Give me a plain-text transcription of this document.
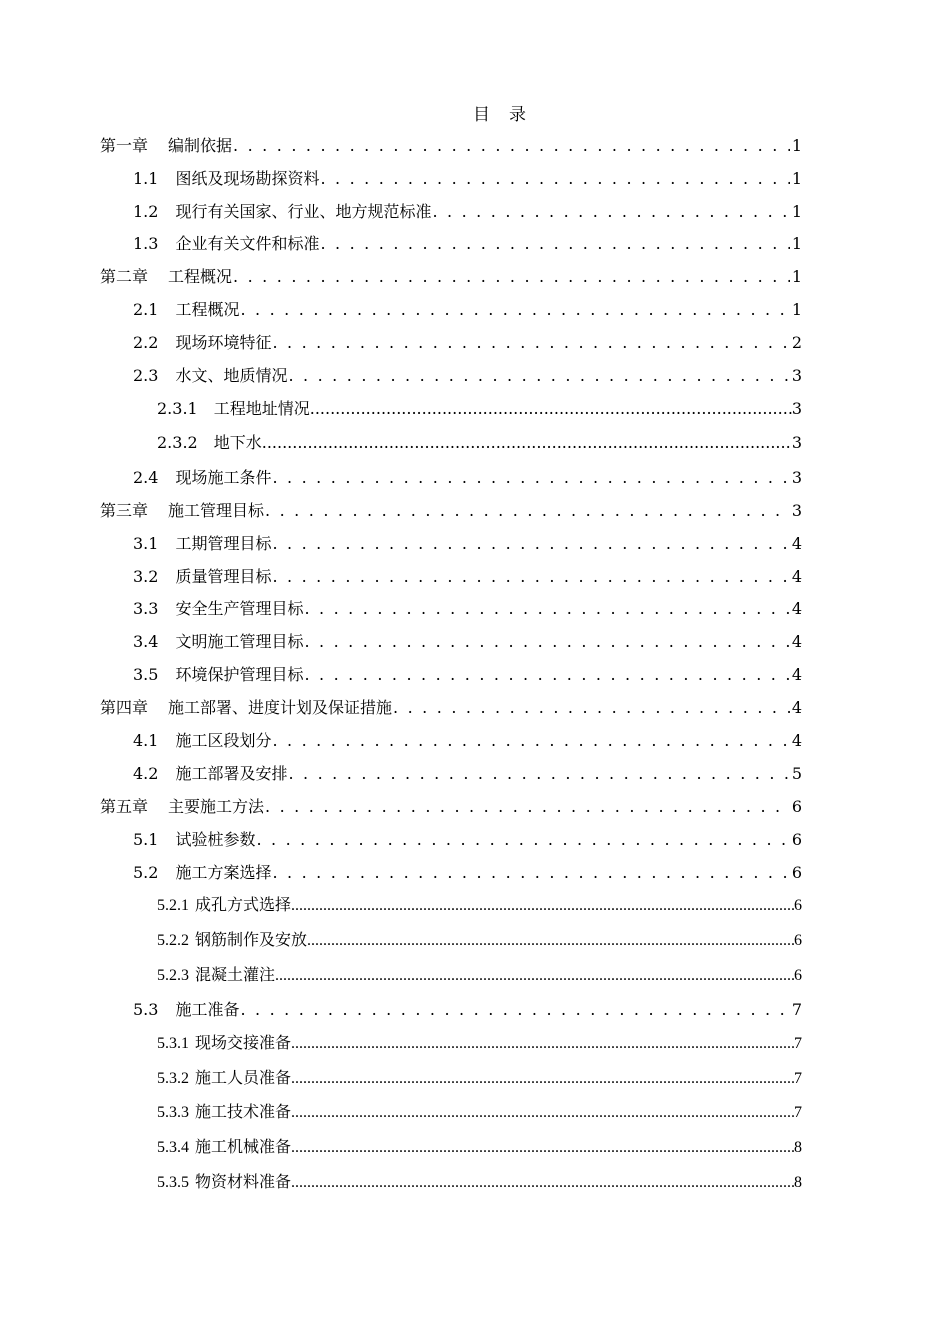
目　录
第一章 编制依据 . . .	1
1.1 图纸及现场勘探资料 . . .	1
1.2 现行有关国家、行业、地方规范标准 . . .	1
1.3 企业有关文件和标准 . . .	1
第二章 工程概况 . . .	1
2.1 工程概况 . . .	1
2.2 现场环境特征 . . .	2
2.3 水文、地质情况 . . .	3
2.3.1 工程地址情况 .....	3
2.3.2 地下水 .....	3
2.4 现场施工条件 . . .	3
第三章 施工管理目标 . . .	3
3.1 工期管理目标 . . .	4
3.2 质量管理目标 . . .	4
3.3 安全生产管理目标 . . .	4
3.4 文明施工管理目标 . . .	4
3.5 环境保护管理目标 . . .	4
第四章 施工部署、进度计划及保证措施 . . .	4
4.1 施工区段划分 . . .	4
4.2 施工部署及安排 . . .	5
第五章 主要施工方法 . . .	6
5.1 试验桩参数 . . .	6
5.2 施工方案选择 . . .	6
5.2.1 成孔方式选择 .....	6
5.2.2 钢筋制作及安放 .....	6
5.2.3 混凝土灌注 .....	6
5.3 施工准备 . . .	7
5.3.1 现场交接准备 .....	7
5.3.2 施工人员准备 .....	7
5.3.3 施工技术准备 .....	7
5.3.4 施工机械准备 .....	8
5.3.5 物资材料准备 .....	8
